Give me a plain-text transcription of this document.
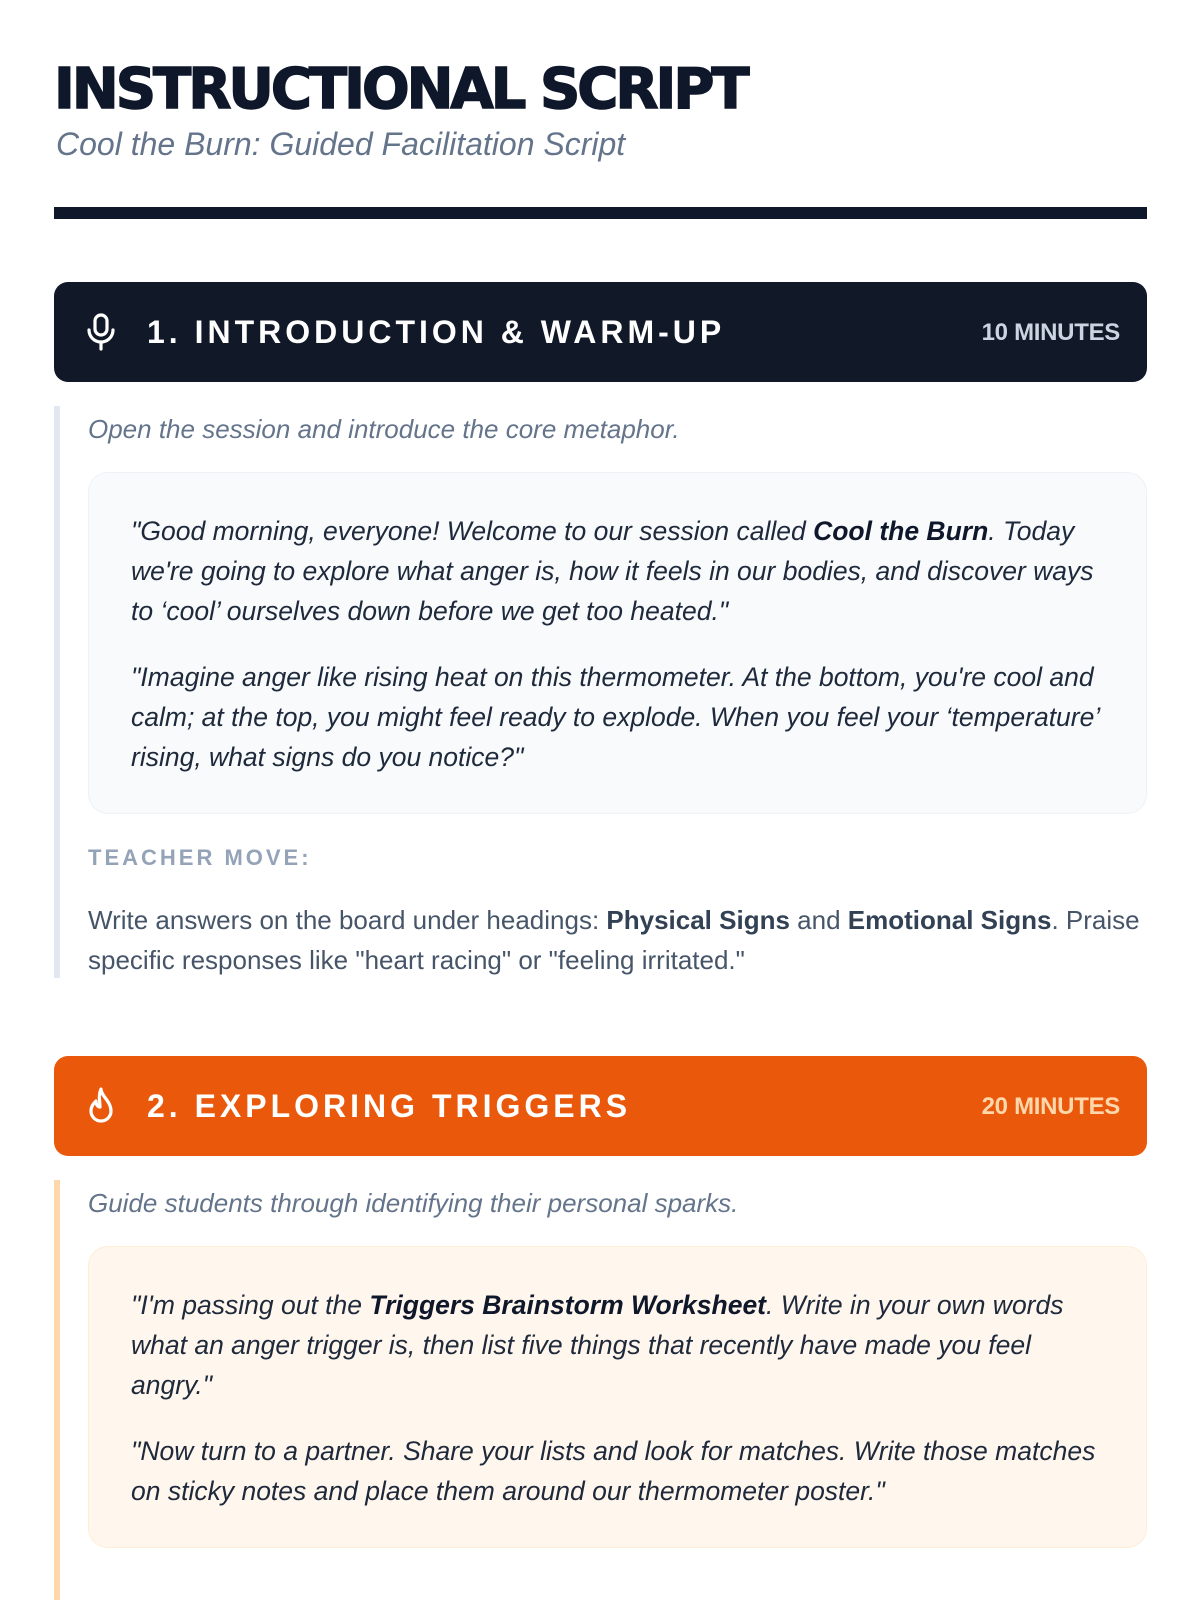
INSTRUCTIONAL SCRIPT
Cool the Burn: Guided Facilitation Script
1. INTRODUCTION & WARM-UP	10 MINUTES
Open the session and introduce the core metaphor.

"Good morning, everyone! Welcome to our session called Cool the Burn. Today we're going to explore what anger is, how it feels in our bodies, and discover ways to ‘cool’ ourselves down before we get too heated."

"Imagine anger like rising heat on this thermometer. At the bottom, you're cool and calm; at the top, you might feel ready to explode. When you feel your ‘temperature’ rising, what signs do you notice?"

TEACHER MOVE:
Write answers on the board under headings: Physical Signs and Emotional Signs. Praise specific responses like "heart racing" or "feeling irritated."
2. EXPLORING TRIGGERS	20 MINUTES
Guide students through identifying their personal sparks.

"I'm passing out the Triggers Brainstorm Worksheet. Write in your own words what an anger trigger is, then list five things that recently have made you feel angry."

"Now turn to a partner. Share your lists and look for matches. Write those matches on sticky notes and place them around our thermometer poster."
